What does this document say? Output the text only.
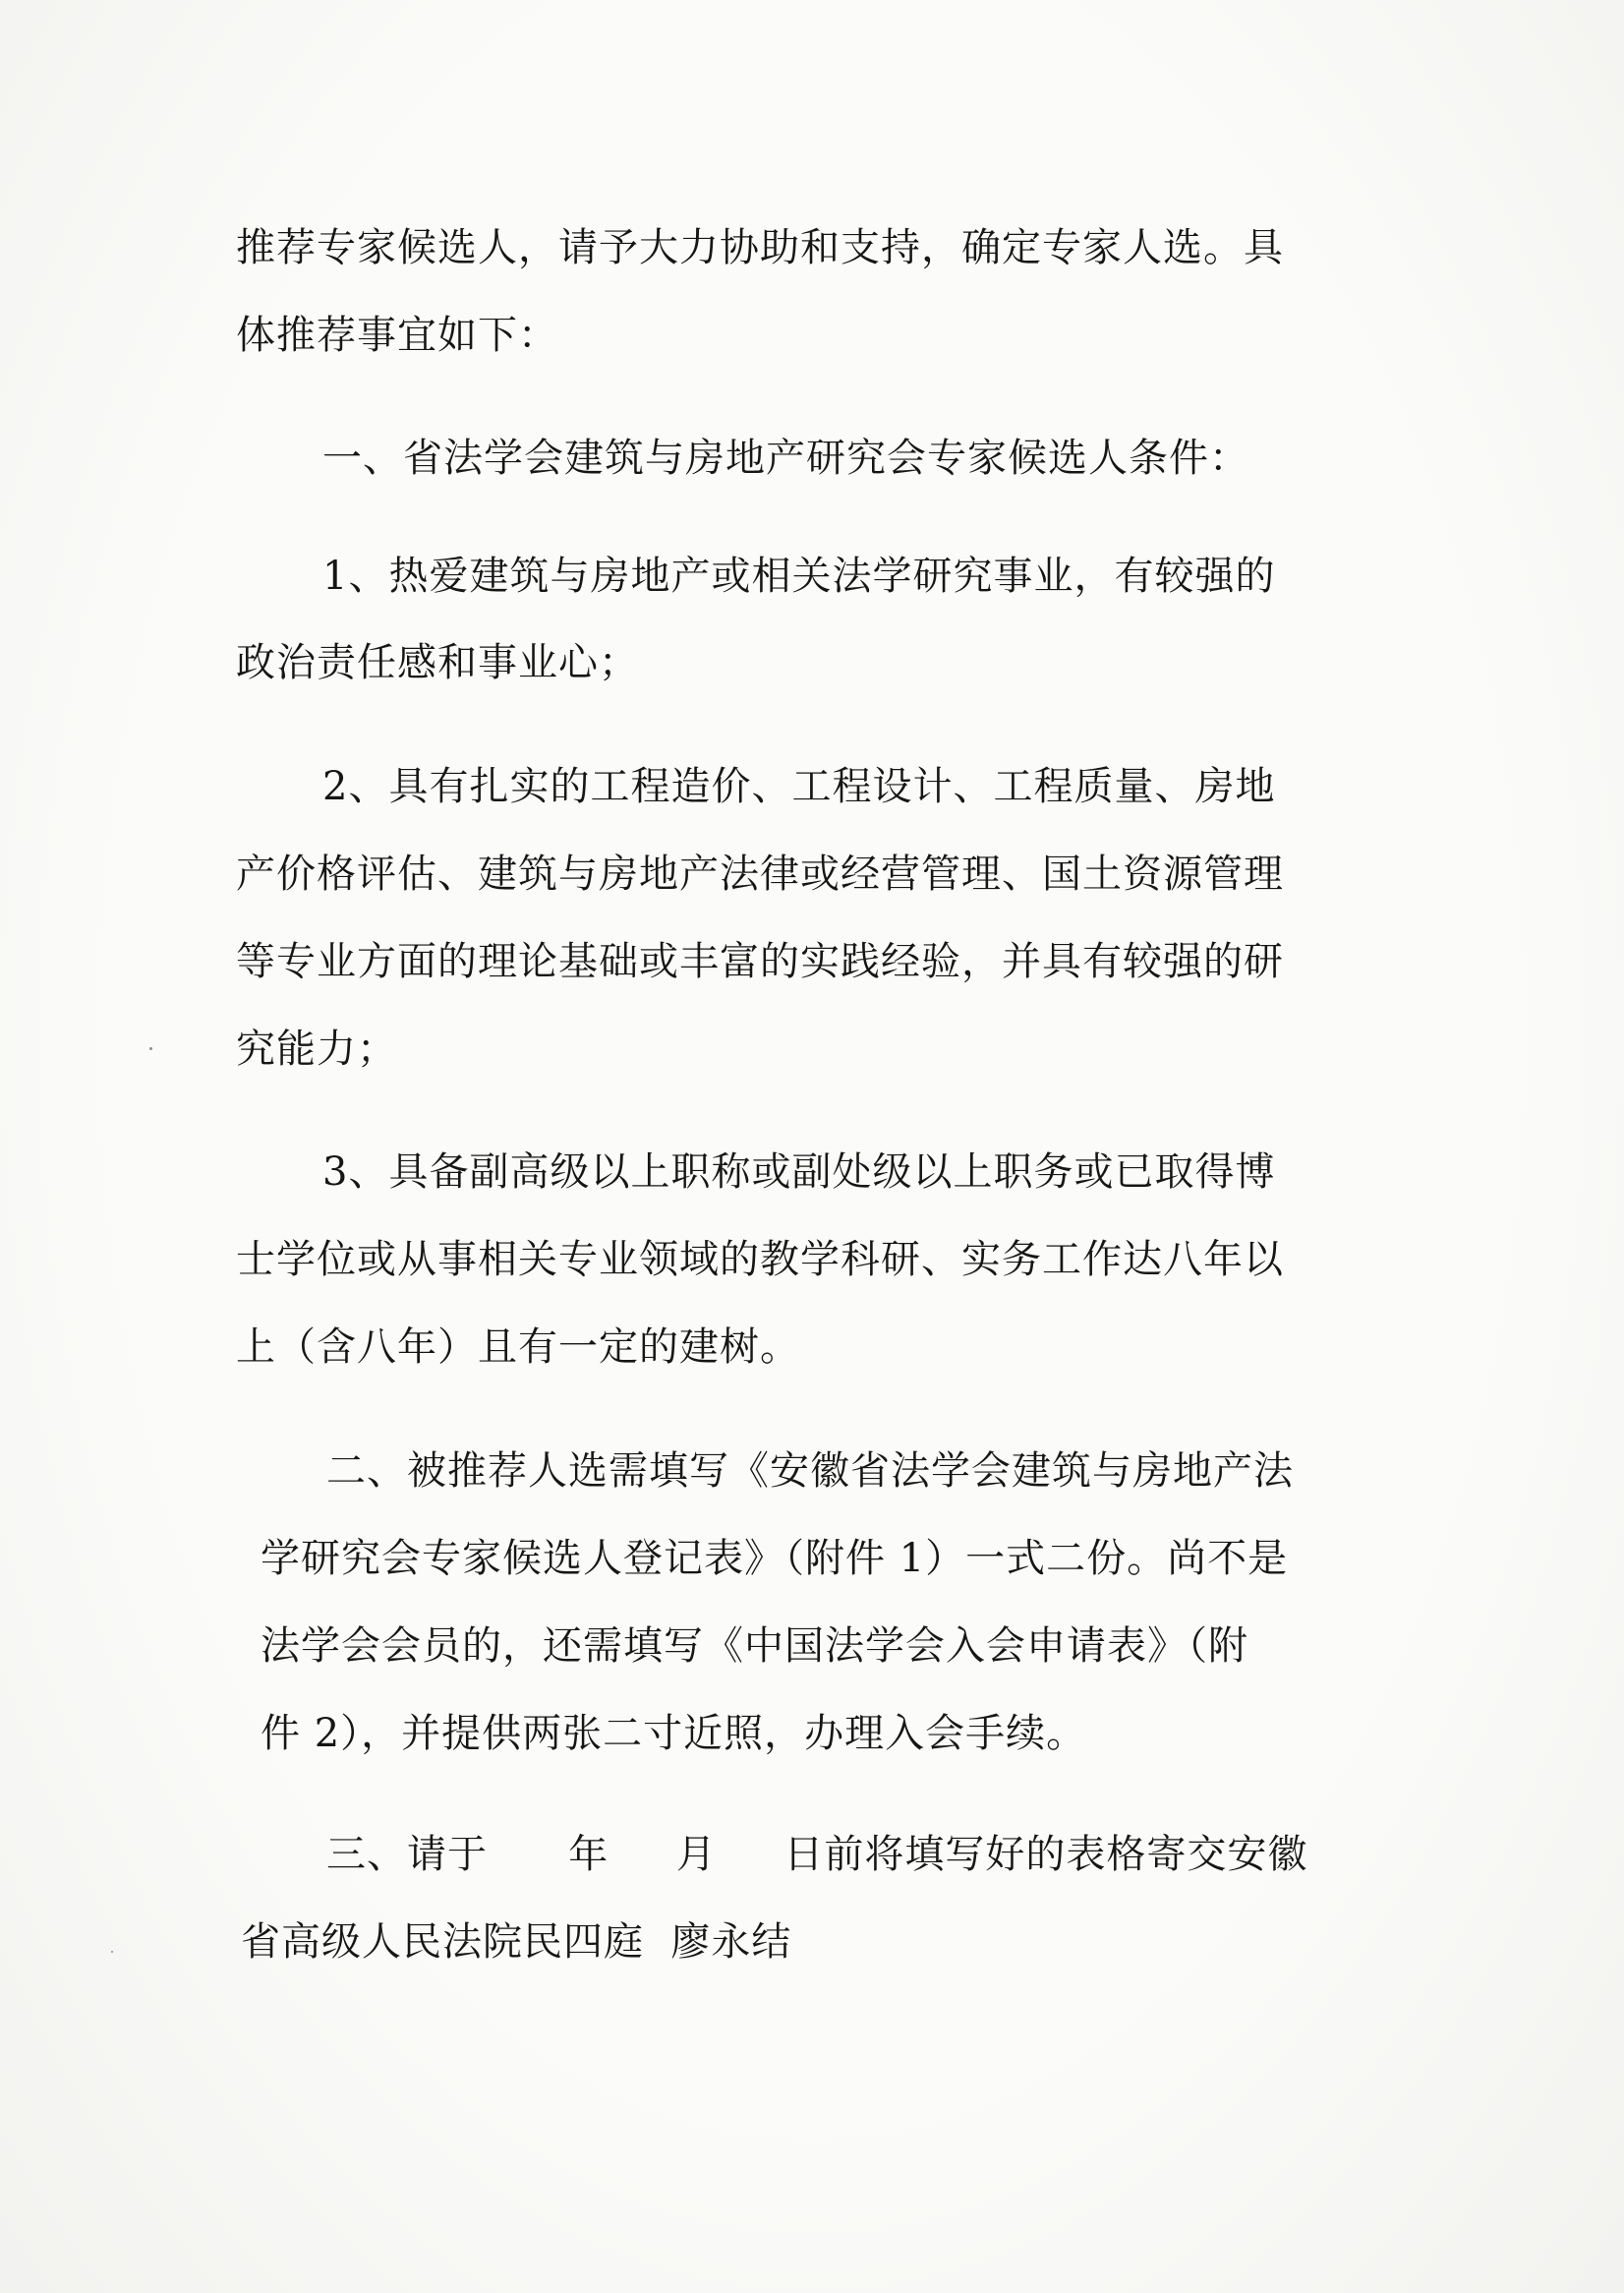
推荐专家候选人，请予大力协助和支持，确定专家人选。具

体推荐事宜如下：

一、省法学会建筑与房地产研究会专家候选人条件：

1、热爱建筑与房地产或相关法学研究事业，有较强的

政治责任感和事业心；

2、具有扎实的工程造价、工程设计、工程质量、房地

产价格评估、建筑与房地产法律或经营管理、国土资源管理

等专业方面的理论基础或丰富的实践经验，并具有较强的研

究能力；

3、具备副高级以上职称或副处级以上职务或已取得博

士学位或从事相关专业领域的教学科研、实务工作达八年以

上（含八年）且有一定的建树。

二、被推荐人选需填写《安徽省法学会建筑与房地产法

学研究会专家候选人登记表》（附件 1）一式二份。尚不是

法学会会员的，还需填写《中国法学会入会申请表》（附

件 2），并提供两张二寸近照，办理入会手续。

三、请于      年     月     日前将填写好的表格寄交安徽

省高级人民法院民四庭  廖永结
